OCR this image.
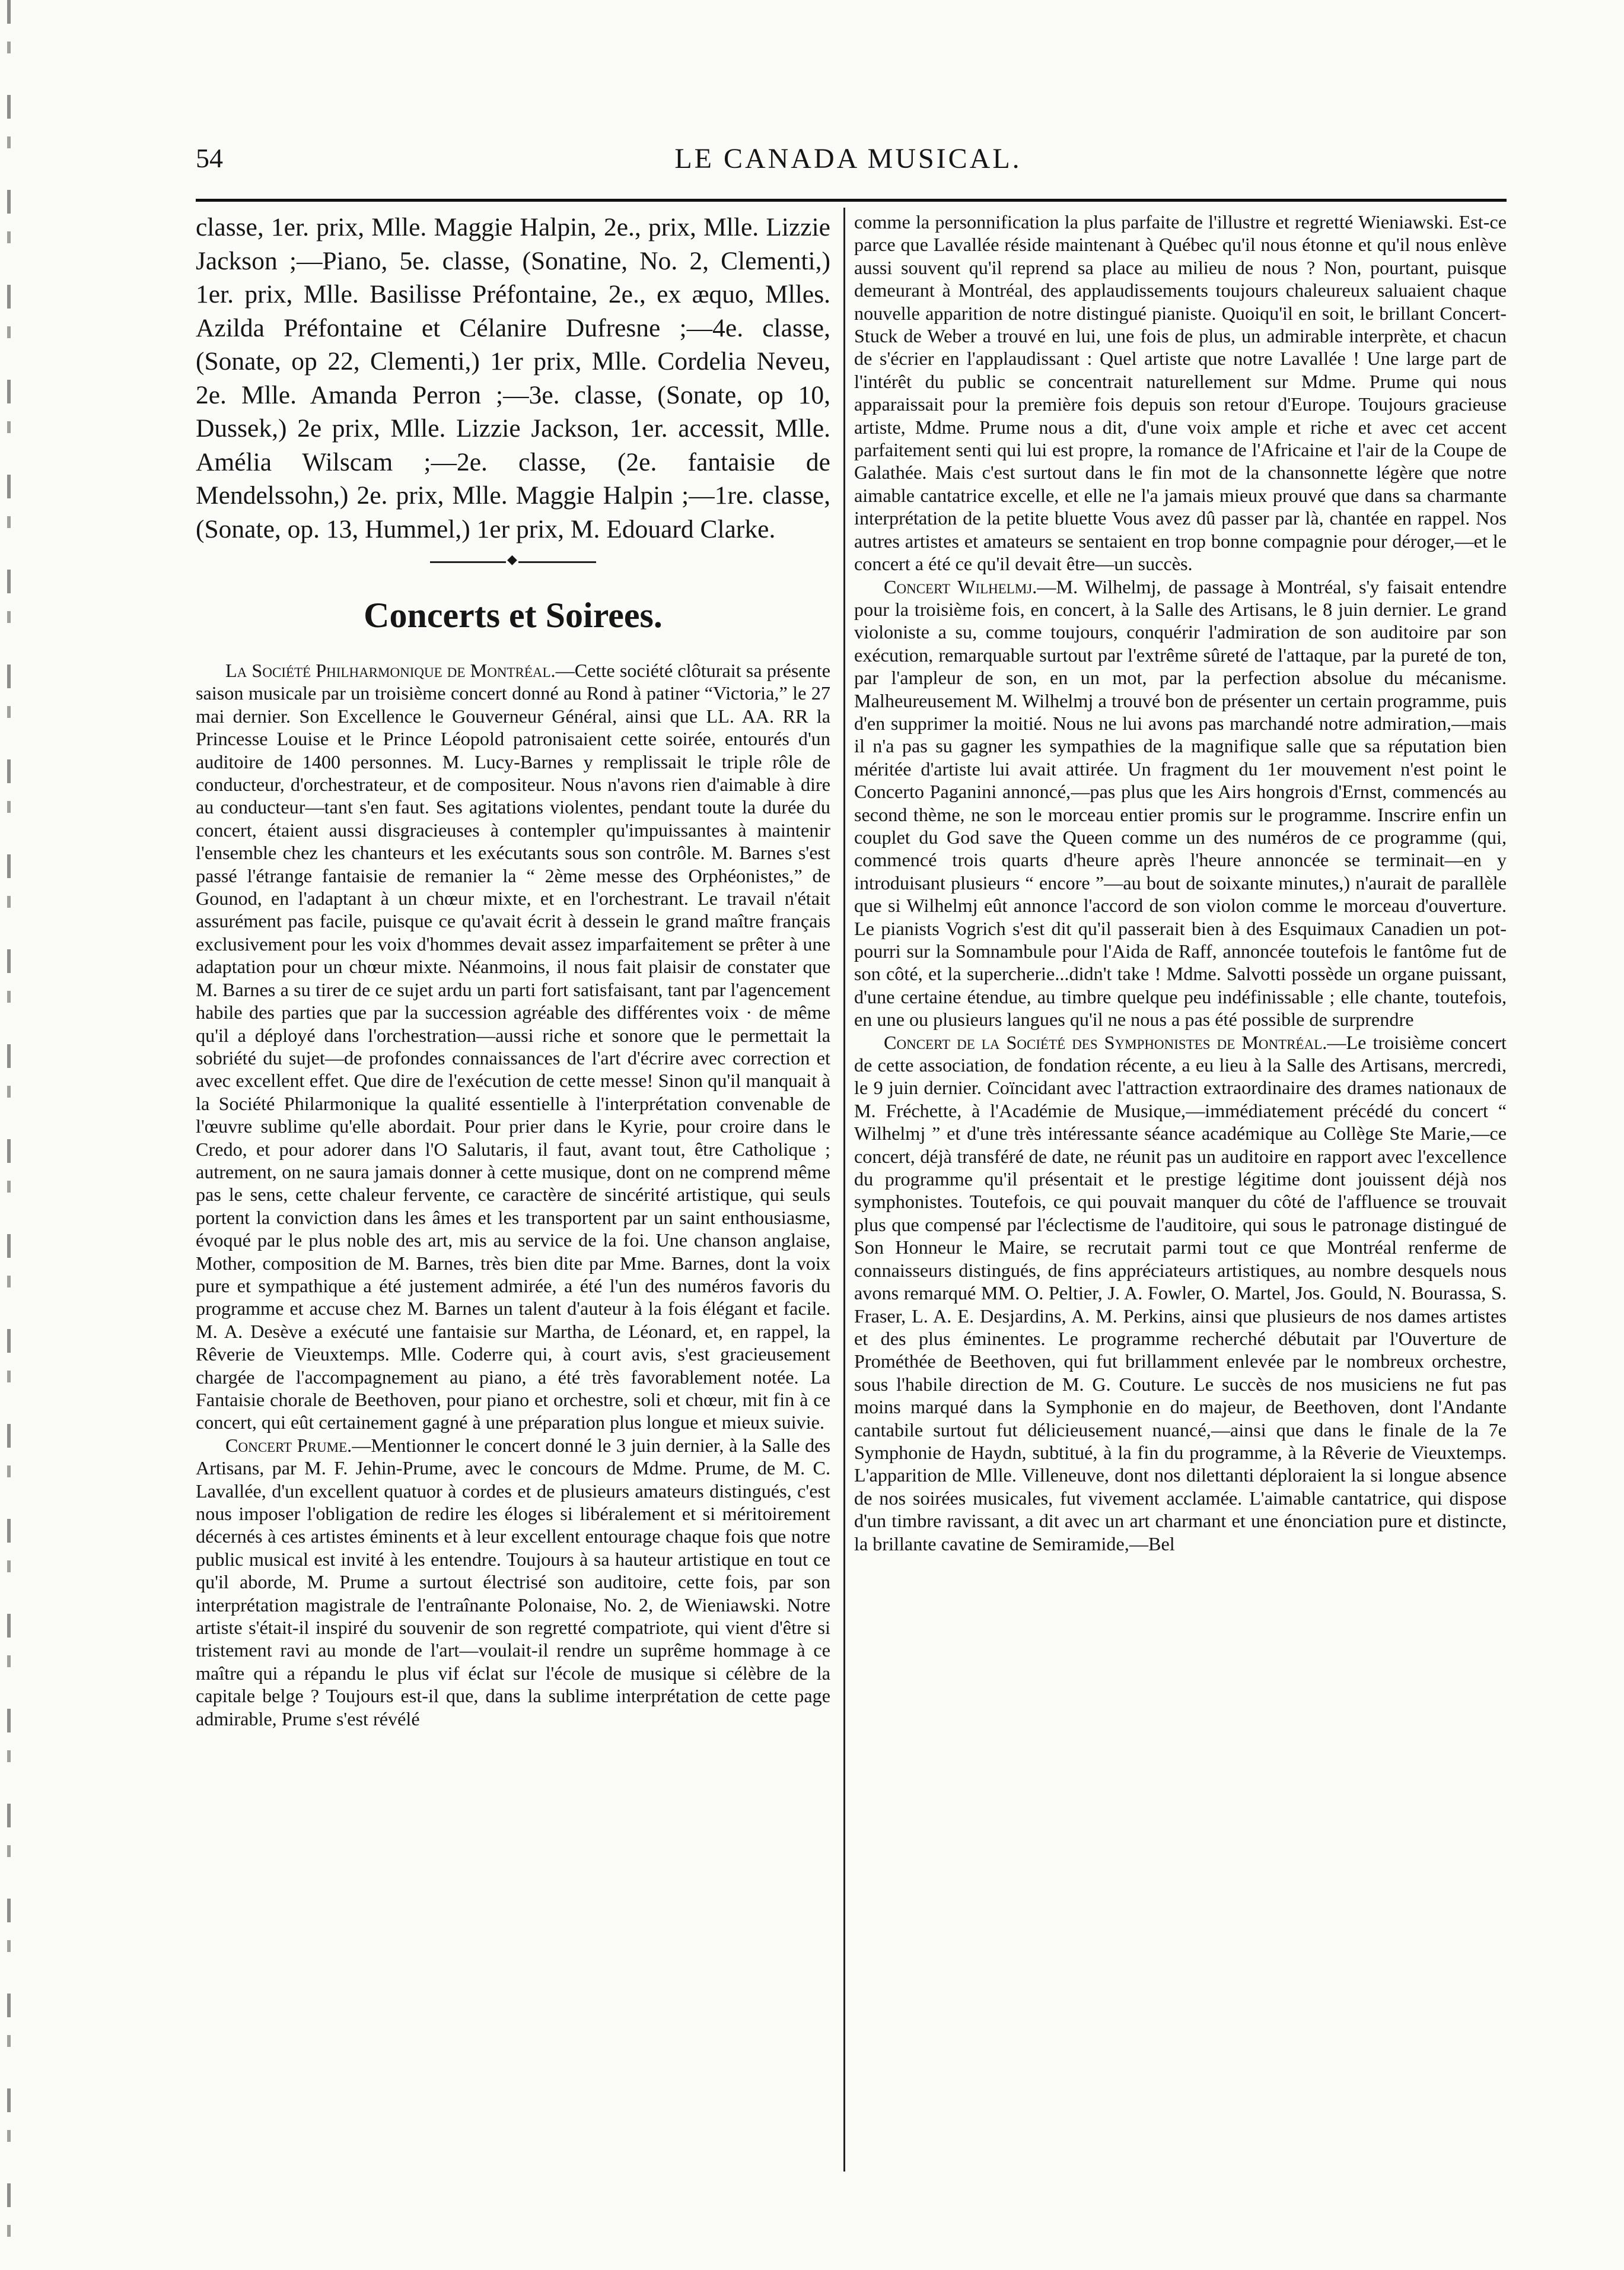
54	LE CANADA MUSICAL.

classe, 1er. prix, Mlle. Maggie Halpin, 2e., prix, Mlle. Lizzie Jackson ;—Piano, 5e. classe, (Sonatine, No. 2, Clementi,) 1er. prix, Mlle. Basilisse Préfontaine, 2e., ex æquo, Mlles. Azilda Préfontaine et Célanire Dufresne ;—4e. classe, (Sonate, op 22, Clementi,) 1er prix, Mlle. Cordelia Neveu, 2e. Mlle. Amanda Perron ;—3e. classe, (Sonate, op 10, Dussek,) 2e prix, Mlle. Lizzie Jackson, 1er. accessit, Mlle. Amélia Wilscam ;—2e. classe, (2e. fantaisie de Mendelssohn,) 2e. prix, Mlle. Maggie Halpin ;—1re. classe, (Sonate, op. 13, Hummel,) 1er prix, M. Edouard Clarke.

◆
Concerts et Soirees.

La Société Philharmonique de Montréal.—Cette société clôturait sa présente saison musicale par un troisième concert donné au Rond à patiner “Victoria,” le 27 mai dernier. Son Excellence le Gouverneur Général, ainsi que LL. AA. RR la Princesse Louise et le Prince Léopold patronisaient cette soirée, entourés d'un auditoire de 1400 personnes. M. Lucy-Barnes y remplissait le triple rôle de conducteur, d'orchestrateur, et de compositeur. Nous n'avons rien d'aimable à dire au conducteur—tant s'en faut. Ses agitations violentes, pendant toute la durée du concert, étaient aussi disgracieuses à contempler qu'impuissantes à maintenir l'ensemble chez les chanteurs et les exécutants sous son contrôle. M. Barnes s'est passé l'étrange fantaisie de remanier la “ 2ème messe des Orphéonistes,” de Gounod, en l'adaptant à un chœur mixte, et en l'orchestrant. Le travail n'était assurément pas facile, puisque ce qu'avait écrit à dessein le grand maître français exclusivement pour les voix d'hommes devait assez imparfaitement se prêter à une adaptation pour un chœur mixte. Néanmoins, il nous fait plaisir de constater que M. Barnes a su tirer de ce sujet ardu un parti fort satisfaisant, tant par l'agencement habile des parties que par la succession agréable des différentes voix · de même qu'il a déployé dans l'orchestration—aussi riche et sonore que le permettait la sobriété du sujet—de profondes connaissances de l'art d'écrire avec correction et avec excellent effet. Que dire de l'exécution de cette messe! Sinon qu'il manquait à la Société Philarmonique la qualité essentielle à l'interprétation convenable de l'œuvre sublime qu'elle abordait. Pour prier dans le Kyrie, pour croire dans le Credo, et pour adorer dans l'O Salutaris, il faut, avant tout, être Catholique ; autrement, on ne saura jamais donner à cette musique, dont on ne comprend même pas le sens, cette chaleur fervente, ce caractère de sincérité artistique, qui seuls portent la conviction dans les âmes et les transportent par un saint enthousiasme, évoqué par le plus noble des art, mis au service de la foi. Une chanson anglaise, Mother, composition de M. Barnes, très bien dite par Mme. Barnes, dont la voix pure et sympathique a été justement admirée, a été l'un des numéros favoris du programme et accuse chez M. Barnes un talent d'auteur à la fois élégant et facile. M. A. Desève a exécuté une fantaisie sur Martha, de Léonard, et, en rappel, la Rêverie de Vieuxtemps. Mlle. Coderre qui, à court avis, s'est gracieusement chargée de l'accompagnement au piano, a été très favorablement notée. La Fantaisie chorale de Beethoven, pour piano et orchestre, soli et chœur, mit fin à ce concert, qui eût certainement gagné à une préparation plus longue et mieux suivie.

Concert Prume.—Mentionner le concert donné le 3 juin dernier, à la Salle des Artisans, par M. F. Jehin-Prume, avec le concours de Mdme. Prume, de M. C. Lavallée, d'un excellent quatuor à cordes et de plusieurs amateurs distingués, c'est nous imposer l'obligation de redire les éloges si libéralement et si méritoirement décernés à ces artistes éminents et à leur excellent entourage chaque fois que notre public musical est invité à les entendre. Toujours à sa hauteur artistique en tout ce qu'il aborde, M. Prume a surtout électrisé son auditoire, cette fois, par son interprétation magistrale de l'entraînante Polonaise, No. 2, de Wieniawski. Notre artiste s'était-il inspiré du souvenir de son regretté compatriote, qui vient d'être si tristement ravi au monde de l'art—voulait-il rendre un suprême hommage à ce maître qui a répandu le plus vif éclat sur l'école de musique si célèbre de la capitale belge ? Toujours est-il que, dans la sublime interprétation de cette page admirable, Prume s'est révélé

comme la personnification la plus parfaite de l'illustre et regretté Wieniawski. Est-ce parce que Lavallée réside maintenant à Québec qu'il nous étonne et qu'il nous enlève aussi souvent qu'il reprend sa place au milieu de nous ? Non, pourtant, puisque demeurant à Montréal, des applaudissements toujours chaleureux saluaient chaque nouvelle apparition de notre distingué pianiste. Quoiqu'il en soit, le brillant Concert-Stuck de Weber a trouvé en lui, une fois de plus, un admirable interprète, et chacun de s'écrier en l'applaudissant : Quel artiste que notre Lavallée ! Une large part de l'intérêt du public se concentrait naturellement sur Mdme. Prume qui nous apparaissait pour la première fois depuis son retour d'Europe. Toujours gracieuse artiste, Mdme. Prume nous a dit, d'une voix ample et riche et avec cet accent parfaitement senti qui lui est propre, la romance de l'Africaine et l'air de la Coupe de Galathée. Mais c'est surtout dans le fin mot de la chansonnette légère que notre aimable cantatrice excelle, et elle ne l'a jamais mieux prouvé que dans sa charmante interprétation de la petite bluette Vous avez dû passer par là, chantée en rappel. Nos autres artistes et amateurs se sentaient en trop bonne compagnie pour déroger,—et le concert a été ce qu'il devait être—un succès.

Concert Wilhelmj.—M. Wilhelmj, de passage à Montréal, s'y faisait entendre pour la troisième fois, en concert, à la Salle des Artisans, le 8 juin dernier. Le grand violoniste a su, comme toujours, conquérir l'admiration de son auditoire par son exécution, remarquable surtout par l'extrême sûreté de l'attaque, par la pureté de ton, par l'ampleur de son, en un mot, par la perfection absolue du mécanisme. Malheureusement M. Wilhelmj a trouvé bon de présenter un certain programme, puis d'en supprimer la moitié. Nous ne lui avons pas marchandé notre admiration,—mais il n'a pas su gagner les sympathies de la magnifique salle que sa réputation bien méritée d'artiste lui avait attirée. Un fragment du 1er mouvement n'est point le Concerto Paganini annoncé,—pas plus que les Airs hongrois d'Ernst, commencés au second thème, ne son le morceau entier promis sur le programme. Inscrire enfin un couplet du God save the Queen comme un des numéros de ce programme (qui, commencé trois quarts d'heure après l'heure annoncée se terminait—en y introduisant plusieurs “ encore ”—au bout de soixante minutes,) n'aurait de parallèle que si Wilhelmj eût annonce l'accord de son violon comme le morceau d'ouverture. Le pianists Vogrich s'est dit qu'il passerait bien à des Esquimaux Canadien un pot-pourri sur la Somnambule pour l'Aida de Raff, annoncée toutefois le fantôme fut de son côté, et la supercherie...didn't take ! Mdme. Salvotti possède un organe puissant, d'une certaine étendue, au timbre quelque peu indéfinissable ; elle chante, toutefois, en une ou plusieurs langues qu'il ne nous a pas été possible de surprendre

Concert de la Société des Symphonistes de Montréal.—Le troisième concert de cette association, de fondation récente, a eu lieu à la Salle des Artisans, mercredi, le 9 juin dernier. Coïncidant avec l'attraction extraordinaire des drames nationaux de M. Fréchette, à l'Académie de Musique,—immédiatement précédé du concert “ Wilhelmj ” et d'une très intéressante séance académique au Collège Ste Marie,—ce concert, déjà transféré de date, ne réunit pas un auditoire en rapport avec l'excellence du programme qu'il présentait et le prestige légitime dont jouissent déjà nos symphonistes. Toutefois, ce qui pouvait manquer du côté de l'affluence se trouvait plus que compensé par l'éclectisme de l'auditoire, qui sous le patronage distingué de Son Honneur le Maire, se recrutait parmi tout ce que Montréal renferme de connaisseurs distingués, de fins appréciateurs artistiques, au nombre desquels nous avons remarqué MM. O. Peltier, J. A. Fowler, O. Martel, Jos. Gould, N. Bourassa, S. Fraser, L. A. E. Desjardins, A. M. Perkins, ainsi que plusieurs de nos dames artistes et des plus éminentes. Le programme recherché débutait par l'Ouverture de Prométhée de Beethoven, qui fut brillamment enlevée par le nombreux orchestre, sous l'habile direction de M. G. Couture. Le succès de nos musiciens ne fut pas moins marqué dans la Symphonie en do majeur, de Beethoven, dont l'Andante cantabile surtout fut délicieusement nuancé,—ainsi que dans le finale de la 7e Symphonie de Haydn, subtitué, à la fin du programme, à la Rêverie de Vieuxtemps. L'apparition de Mlle. Villeneuve, dont nos dilettanti déploraient la si longue absence de nos soirées musicales, fut vivement acclamée. L'aimable cantatrice, qui dispose d'un timbre ravissant, a dit avec un art charmant et une énonciation pure et distincte, la brillante cavatine de Semiramide,—Bel
